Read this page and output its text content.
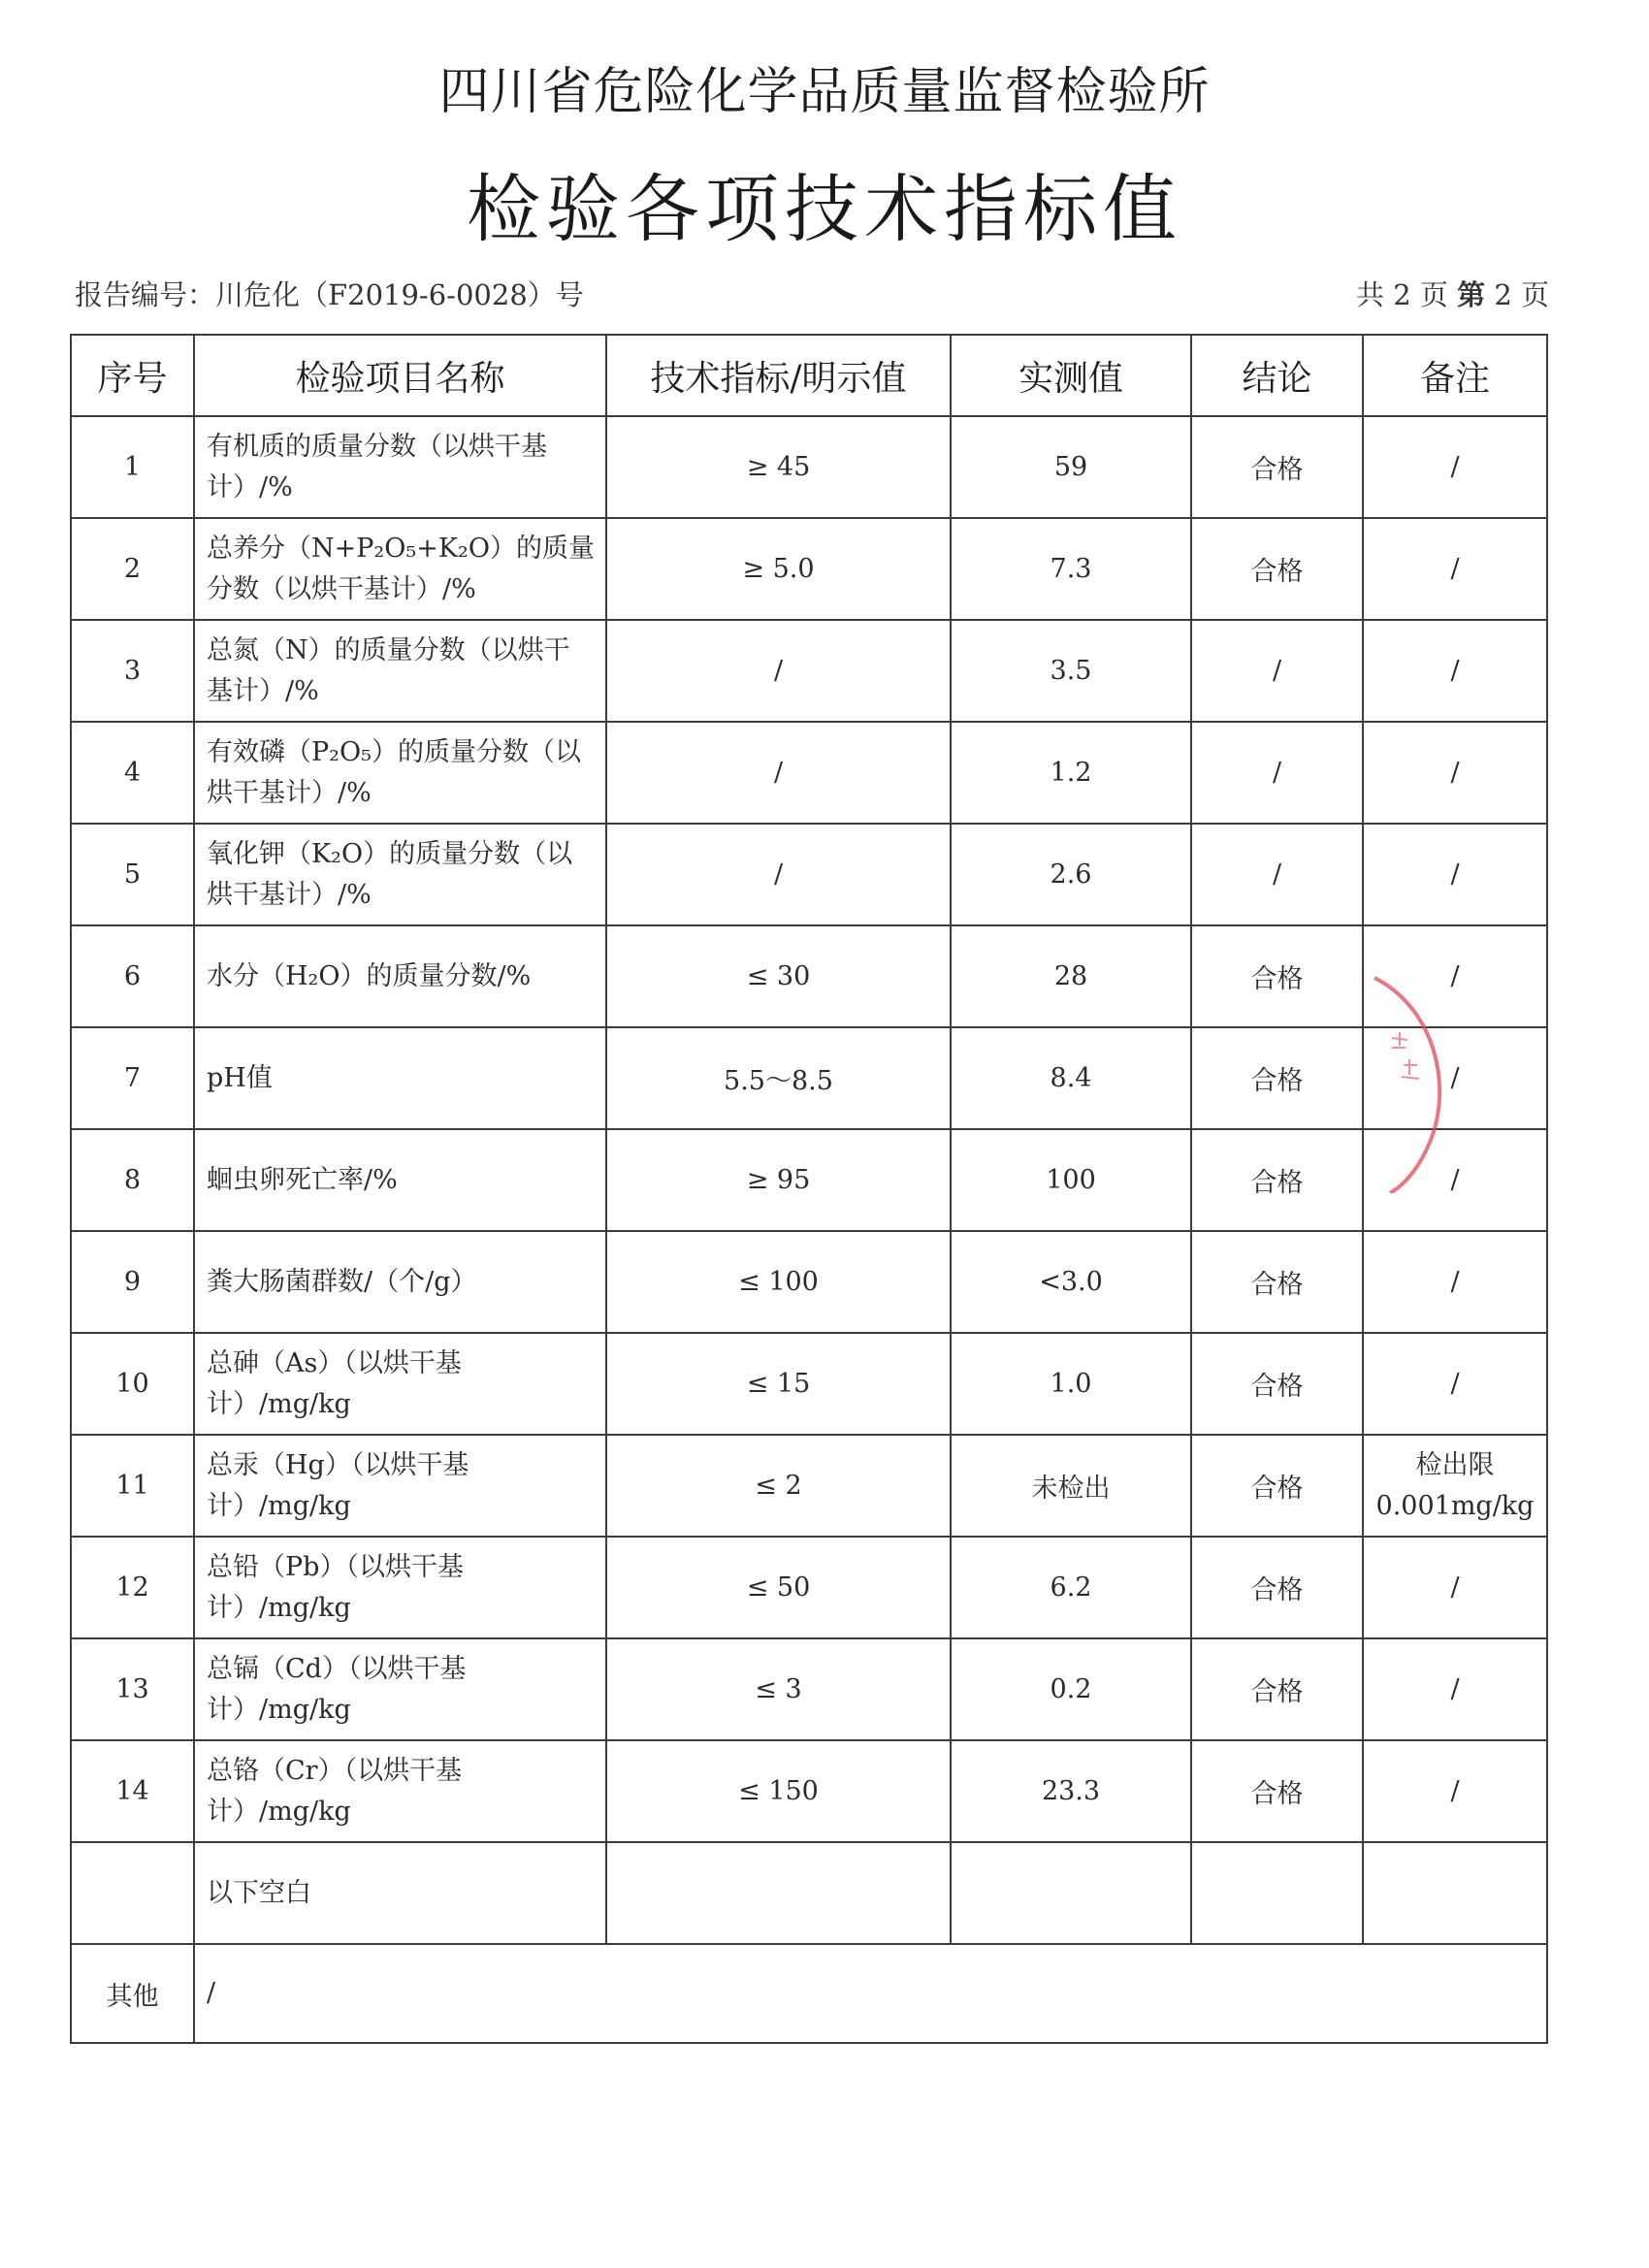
四川省危险化学品质量监督检验所
检验各项技术指标值
报告编号：川危化（F2019-6-0028）号	共 2 页 第 2 页
序号	检验项目名称	技术指标/明示值	实测值	结论	备注
1	有机质的质量分数（以烘干基计）/%	≥ 45	59	合格	/
2	总养分（N+P₂O₅+K₂O）的质量分数（以烘干基计）/%	≥ 5.0	7.3	合格	/
3	总氮（N）的质量分数（以烘干基计）/%	/	3.5	/	/
4	有效磷（P₂O₅）的质量分数（以烘干基计）/%	/	1.2	/	/
5	氧化钾（K₂O）的质量分数（以烘干基计）/%	/	2.6	/	/
6	水分（H₂O）的质量分数/%	≤ 30	28	合格	/
7	pH值	5.5～8.5	8.4	合格	/
8	蛔虫卵死亡率/%	≥ 95	100	合格	/
9	粪大肠菌群数/（个/g）	≤ 100	<3.0	合格	/
10	总砷（As）（以烘干基计）/mg/kg	≤ 15	1.0	合格	/
11	总汞（Hg）（以烘干基计）/mg/kg	≤ 2	未检出	合格	检出限0.001mg/kg
12	总铅（Pb）（以烘干基计）/mg/kg	≤ 50	6.2	合格	/
13	总镉（Cd）（以烘干基计）/mg/kg	≤ 3	0.2	合格	/
14	总铬（Cr）（以烘干基计）/mg/kg	≤ 150	23.3	合格	/
	以下空白				
其他	/				
